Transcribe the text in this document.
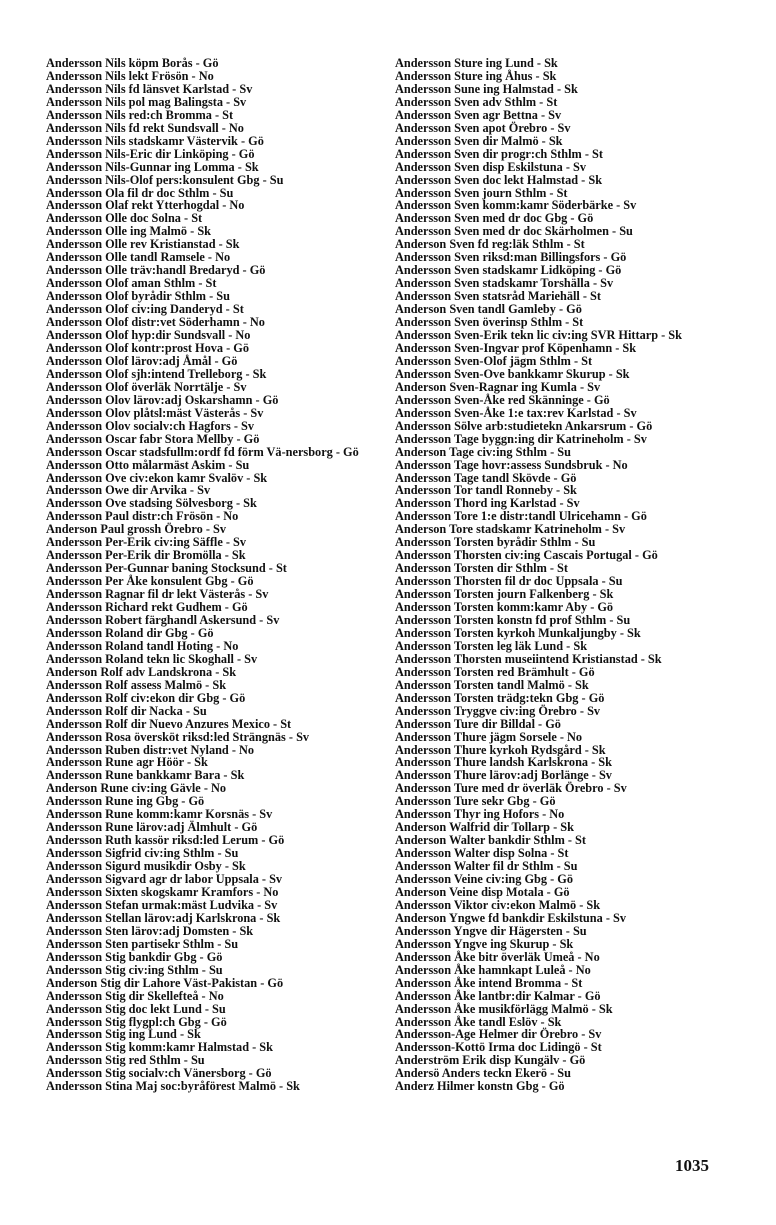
Andersson Nils köpm Borås - Gö
Andersson Nils lekt Frösön - No
Andersson Nils fd länsvet Karlstad - Sv
Andersson Nils pol mag Balingsta - Sv
Andersson Nils red:ch Bromma - St
Andersson Nils fd rekt Sundsvall - No
Andersson Nils stadskamr Västervik - Gö
Andersson Nils-Eric dir Linköping - Gö
Andersson Nils-Gunnar ing Lomma - Sk
Andersson Nils-Olof pers:konsulent Gbg - Su
Andersson Ola fil dr doc Sthlm - Su
Andersson Olaf rekt Ytterhogdal - No
Andersson Olle doc Solna - St
Andersson Olle ing Malmö - Sk
Andersson Olle rev Kristianstad - Sk
Andersson Olle tandl Ramsele - No
Andersson Olle träv:handl Bredaryd - Gö
Andersson Olof aman Sthlm - St
Andersson Olof byrådir Sthlm - Su
Andersson Olof civ:ing Danderyd - St
Andersson Olof distr:vet Söderhamn - No
Andersson Olof hyp:dir Sundsvall - No
Andersson Olof kontr:prost Hova - Gö
Andersson Olof lärov:adj Åmål - Gö
Andersson Olof sjh:intend Trelleborg - Sk
Andersson Olof överläk Norrtälje - Sv
Andersson Olov lärov:adj Oskarshamn - Gö
Andersson Olov plåtsl:mäst Västerås - Sv
Andersson Olov socialv:ch Hagfors - Sv
Andersson Oscar fabr Stora Mellby - Gö
Andersson Oscar stadsfullm:ordf fd förm Vä-nersborg - Gö
Andersson Otto målarmäst Askim - Su
Andersson Ove civ:ekon kamr Svalöv - Sk
Andersson Owe dir Arvika - Sv
Andersson Ove stadsing Sölvesborg - Sk
Andersson Paul distr:ch Frösön - No
Anderson Paul grossh Örebro - Sv
Andersson Per-Erik civ:ing Säffle - Sv
Andersson Per-Erik dir Bromölla - Sk
Andersson Per-Gunnar baning Stocksund - St
Andersson Per Åke konsulent Gbg - Gö
Andersson Ragnar fil dr lekt Västerås - Sv
Andersson Richard rekt Gudhem - Gö
Andersson Robert färghandl Askersund - Sv
Andersson Roland dir Gbg - Gö
Andersson Roland tandl Hoting - No
Andersson Roland tekn lic Skoghall - Sv
Anderson Rolf adv Landskrona - Sk
Andersson Rolf assess Malmö - Sk
Andersson Rolf civ:ekon dir Gbg - Gö
Andersson Rolf dir Nacka - Su
Andersson Rolf dir Nuevo Anzures Mexico - St
Andersson Rosa översköt riksd:led Strängnäs - Sv
Andersson Ruben distr:vet Nyland - No
Andersson Rune agr Höör - Sk
Andersson Rune bankkamr Bara - Sk
Anderson Rune civ:ing Gävle - No
Andersson Rune ing Gbg - Gö
Andersson Rune komm:kamr Korsnäs - Sv
Andersson Rune lärov:adj Älmhult - Gö
Andersson Ruth kassör riksd:led Lerum - Gö
Andersson Sigfrid civ:ing Sthlm - Su
Andersson Sigurd musikdir Osby - Sk
Andersson Sigvard agr dr labor Uppsala - Sv
Andersson Sixten skogskamr Kramfors - No
Andersson Stefan urmak:mäst Ludvika - Sv
Andersson Stellan lärov:adj Karlskrona - Sk
Andersson Sten lärov:adj Domsten - Sk
Andersson Sten partisekr Sthlm - Su
Andersson Stig bankdir Gbg - Gö
Andersson Stig civ:ing Sthlm - Su
Anderson Stig dir Lahore Väst-Pakistan - Gö
Andersson Stig dir Skellefteå - No
Andersson Stig doc lekt Lund - Su
Andersson Stig flygpl:ch Gbg - Gö
Andersson Stig ing Lund - Sk
Andersson Stig komm:kamr Halmstad - Sk
Andersson Stig red Sthlm - Su
Andersson Stig socialv:ch Vänersborg - Gö
Andersson Stina Maj soc:byråförest Malmö - Sk
Andersson Sture ing Lund - Sk
Andersson Sture ing Åhus - Sk
Andersson Sune ing Halmstad - Sk
Andersson Sven adv Sthlm - St
Andersson Sven agr Bettna - Sv
Andersson Sven apot Örebro - Sv
Andersson Sven dir Malmö - Sk
Andersson Sven dir progr:ch Sthlm - St
Andersson Sven disp Eskilstuna - Sv
Andersson Sven doc lekt Halmstad - Sk
Andersson Sven journ Sthlm - St
Andersson Sven komm:kamr Söderbärke - Sv
Andersson Sven med dr doc Gbg - Gö
Andersson Sven med dr doc Skärholmen - Su
Anderson Sven fd reg:läk Sthlm - St
Andersson Sven riksd:man Billingsfors - Gö
Andersson Sven stadskamr Lidköping - Gö
Andersson Sven stadskamr Torshälla - Sv
Andersson Sven statsråd Mariehäll - St
Anderson Sven tandl Gamleby - Gö
Andersson Sven överinsp Sthlm - St
Andersson Sven-Erik tekn lic civ:ing SVR Hittarp - Sk
Andersson Sven-Ingvar prof Köpenhamn - Sk
Andersson Sven-Olof jägm Sthlm - St
Andersson Sven-Ove bankkamr Skurup - Sk
Anderson Sven-Ragnar ing Kumla - Sv
Andersson Sven-Åke red Skänninge - Gö
Andersson Sven-Åke 1:e tax:rev Karlstad - Sv
Andersson Sölve arb:studietekn Ankarsrum - Gö
Andersson Tage byggn:ing dir Katrineholm - Sv
Anderson Tage civ:ing Sthlm - Su
Andersson Tage hovr:assess Sundsbruk - No
Andersson Tage tandl Skövde - Gö
Andersson Tor tandl Ronneby - Sk
Andersson Thord ing Karlstad - Sv
Andersson Tore 1:e distr:tandl Ulricehamn - Gö
Anderson Tore stadskamr Katrineholm - Sv
Andersson Torsten byrådir Sthlm - Su
Andersson Thorsten civ:ing Cascais Portugal - Gö
Andersson Torsten dir Sthlm - St
Andersson Thorsten fil dr doc Uppsala - Su
Andersson Torsten journ Falkenberg - Sk
Andersson Torsten komm:kamr Aby - Gö
Andersson Torsten konstn fd prof Sthlm - Su
Andersson Torsten kyrkoh Munkaljungby - Sk
Andersson Torsten leg läk Lund - Sk
Andersson Thorsten museiintend Kristianstad - Sk
Andersson Torsten red Brämhult - Gö
Andersson Torsten tandl Malmö - Sk
Andersson Torsten trädg:tekn Gbg - Gö
Andersson Tryggve civ:ing Örebro - Sv
Andersson Ture dir Billdal - Gö
Andersson Thure jägm Sorsele - No
Andersson Thure kyrkoh Rydsgård - Sk
Andersson Thure landsh Karlskrona - Sk
Andersson Thure lärov:adj Borlänge - Sv
Andersson Ture med dr överläk Örebro - Sv
Andersson Ture sekr Gbg - Gö
Andersson Thyr ing Hofors - No
Anderson Walfrid dir Tollarp - Sk
Anderson Walter bankdir Sthlm - St
Andersson Walter disp Solna - St
Andersson Walter fil dr Sthlm - Su
Andersson Veine civ:ing Gbg - Gö
Anderson Veine disp Motala - Gö
Andersson Viktor civ:ekon Malmö - Sk
Anderson Yngwe fd bankdir Eskilstuna - Sv
Andersson Yngve dir Hägersten - Su
Andersson Yngve ing Skurup - Sk
Andersson Åke bitr överläk Umeå - No
Andersson Åke hamnkapt Luleå - No
Andersson Åke intend Bromma - St
Andersson Åke lantbr:dir Kalmar - Gö
Andersson Åke musikförlägg Malmö - Sk
Andersson Åke tandl Eslöv - Sk
Andersson-Age Helmer dir Örebro - Sv
Andersson-Kottö Irma doc Lidingö - St
Anderström Erik disp Kungälv - Gö
Andersö Anders teckn Ekerö - Su
Anderz Hilmer konstn Gbg - Gö
1035
